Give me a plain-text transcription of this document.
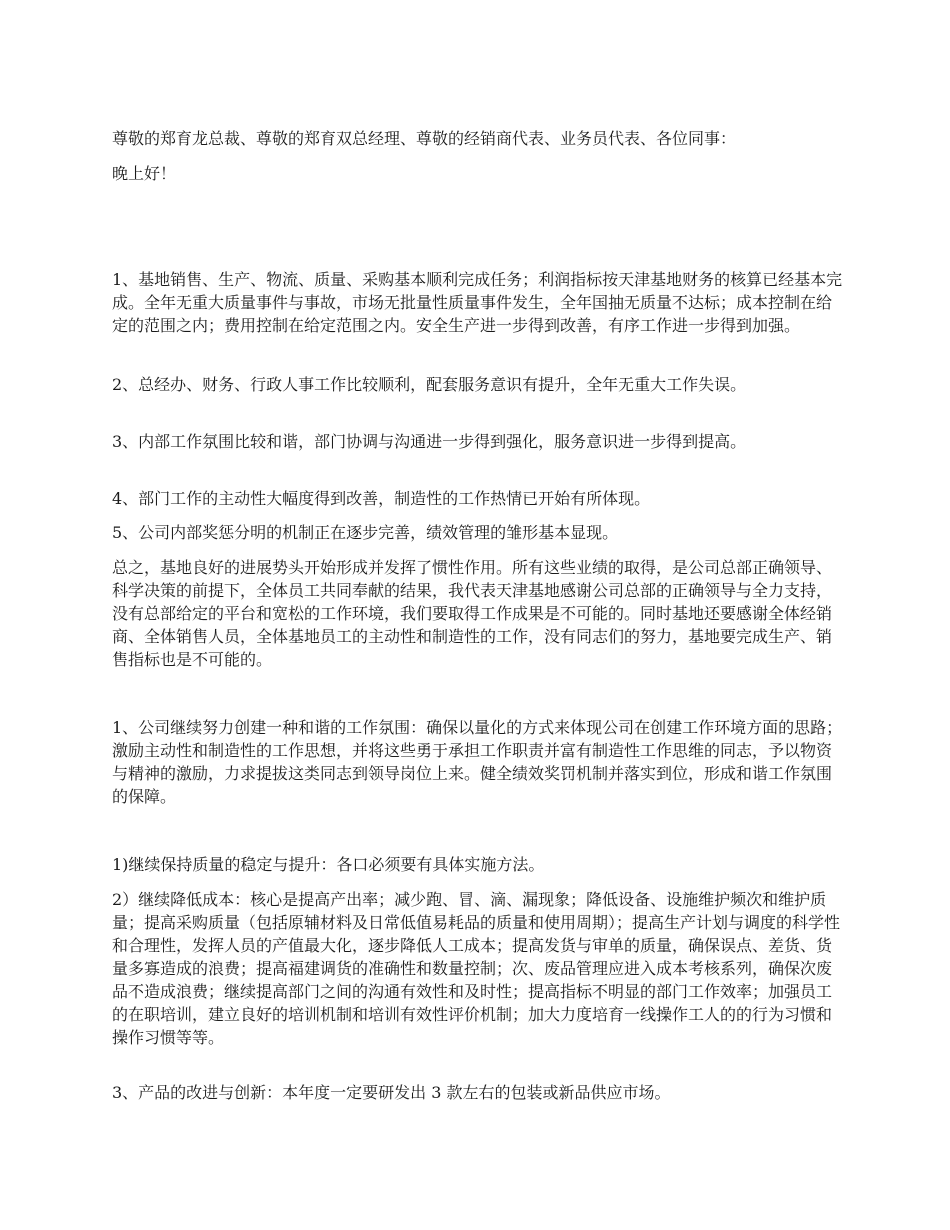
尊敬的郑育龙总裁、尊敬的郑育双总经理、尊敬的经销商代表、业务员代表、各位同事：

晚上好！

1、基地销售、生产、物流、质量、采购基本顺利完成任务；利润指标按天津基地财务的核算已经基本完成。全年无重大质量事件与事故，市场无批量性质量事件发生，全年国抽无质量不达标；成本控制在给定的范围之内；费用控制在给定范围之内。安全生产进一步得到改善，有序工作进一步得到加强。

2、总经办、财务、行政人事工作比较顺利，配套服务意识有提升，全年无重大工作失误。

3、内部工作氛围比较和谐，部门协调与沟通进一步得到强化，服务意识进一步得到提高。

4、部门工作的主动性大幅度得到改善，制造性的工作热情已开始有所体现。

5、公司内部奖惩分明的机制正在逐步完善，绩效管理的雏形基本显现。

总之，基地良好的进展势头开始形成并发挥了惯性作用。所有这些业绩的取得，是公司总部正确领导、科学决策的前提下，全体员工共同奉献的结果，我代表天津基地感谢公司总部的正确领导与全力支持，没有总部给定的平台和宽松的工作环境，我们要取得工作成果是不可能的。同时基地还要感谢全体经销商、全体销售人员，全体基地员工的主动性和制造性的工作，没有同志们的努力，基地要完成生产、销售指标也是不可能的。

1、公司继续努力创建一种和谐的工作氛围：确保以量化的方式来体现公司在创建工作环境方面的思路；激励主动性和制造性的工作思想，并将这些勇于承担工作职责并富有制造性工作思维的同志，予以物资与精神的激励，力求提拔这类同志到领导岗位上来。健全绩效奖罚机制并落实到位，形成和谐工作氛围的保障。

1)继续保持质量的稳定与提升：各口必须要有具体实施方法。

2）继续降低成本：核心是提高产出率；减少跑、冒、滴、漏现象；降低设备、设施维护频次和维护质量；提高采购质量（包括原辅材料及日常低值易耗品的质量和使用周期）；提高生产计划与调度的科学性和合理性，发挥人员的产值最大化，逐步降低人工成本；提高发货与审单的质量，确保误点、差货、货量多寡造成的浪费；提高福建调货的准确性和数量控制；次、废品管理应进入成本考核系列，确保次废品不造成浪费；继续提高部门之间的沟通有效性和及时性；提高指标不明显的部门工作效率；加强员工的在职培训，建立良好的培训机制和培训有效性评价机制；加大力度培育一线操作工人的的行为习惯和操作习惯等等。

3、产品的改进与创新：本年度一定要研发出 3 款左右的包装或新品供应市场。
